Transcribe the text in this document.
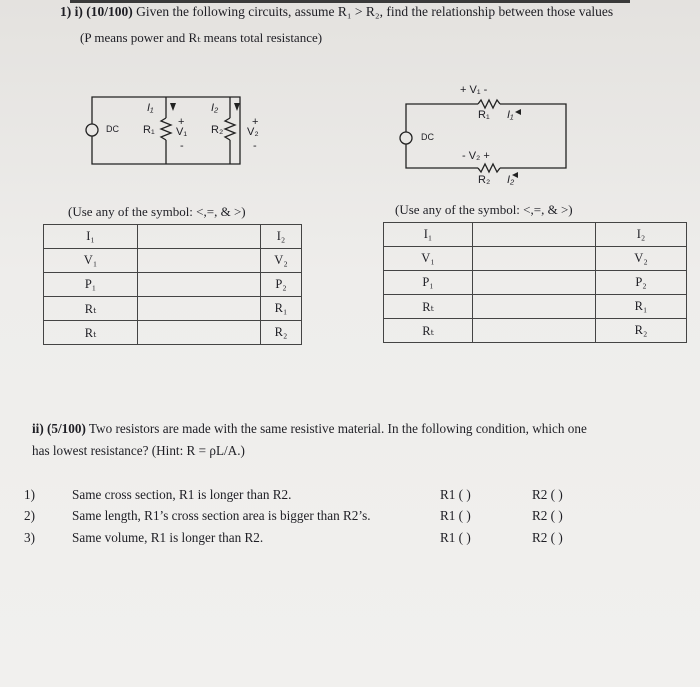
1) i) (10/100) Given the following circuits, assume R₁ > R₂, find the relationship between those values
(P means power and Rₜ means total resistance)
DC
I₁	I₂
R₁	R₂
+
V₁
-
+
V₂
-
DC
+ V₁ -
R₁ I₁
- V₂ +
R₂ I₂
(Use any of the symbol: <,=, & >)	(Use any of the symbol: <,=, & >)
I₁		I₂
V₁		V₂
P₁		P₂
Rₜ		R₁
Rₜ		R₂
I₁		I₂
V₁		V₂
P₁		P₂
Rₜ		R₁
Rₜ		R₂
ii) (5/100) Two resistors are made with the same resistive material. In the following condition, which one
has lowest resistance? (Hint: R = ρL/A.)
1)	Same cross section, R1 is longer than R2.	R1 ( )	R2 ( )
2)	Same length, R1’s cross section area is bigger than R2’s.	R1 ( )	R2 ( )
3)	Same volume, R1 is longer than R2.	R1 ( )	R2 ( )
